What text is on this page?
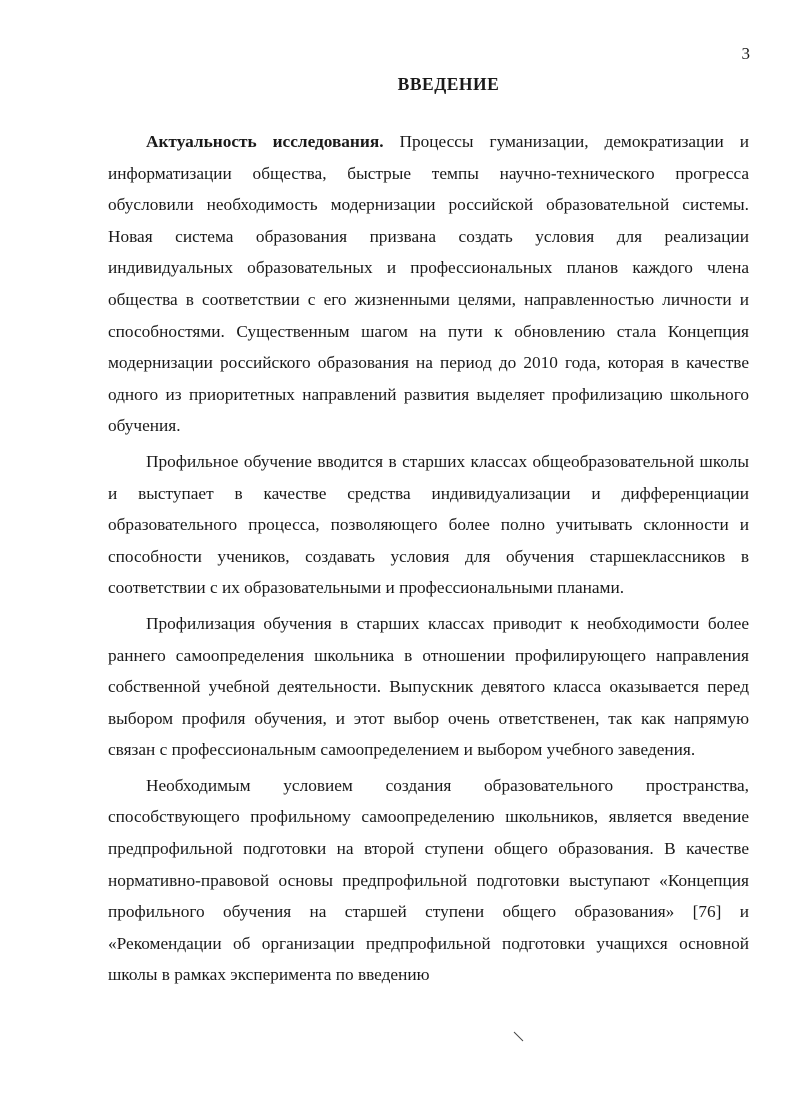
3
ВВЕДЕНИЕ

Актуальность исследования. Процессы гуманизации, демократизации и информатизации общества, быстрые темпы научно-технического прогресса обусловили необходимость модернизации российской образовательной системы. Новая система образования призвана создать условия для реализации индивидуальных образовательных и профессиональных планов каждого члена общества в соответствии с его жизненными целями, направленностью личности и способностями. Существенным шагом на пути к обновлению стала Концепция модернизации российского образования на период до 2010 года, которая в качестве одного из приоритетных направлений развития выделяет профилизацию школьного обучения.

Профильное обучение вводится в старших классах общеобразовательной школы и выступает в качестве средства индивидуализации и дифференциации образовательного процесса, позволяющего более полно учитывать склонности и способности учеников, создавать условия для обучения старшеклассников в соответствии с их образовательными и профессиональными планами.

Профилизация обучения в старших классах приводит к необходимости более раннего самоопределения школьника в отношении профилирующего направления собственной учебной деятельности. Выпускник девятого класса оказывается перед выбором профиля обучения, и этот выбор очень ответственен, так как напрямую связан с профессиональным самоопределением и выбором учебного заведения.

Необходимым условием создания образовательного пространства, способствующего профильному самоопределению школьников, является введение предпрофильной подготовки на второй ступени общего образования. В качестве нормативно-правовой основы предпрофильной подготовки выступают «Концепция профильного обучения на старшей ступени общего образования» [76] и «Рекомендации об организации предпрофильной подготовки учащихся основной школы в рамках эксперимента по введению
